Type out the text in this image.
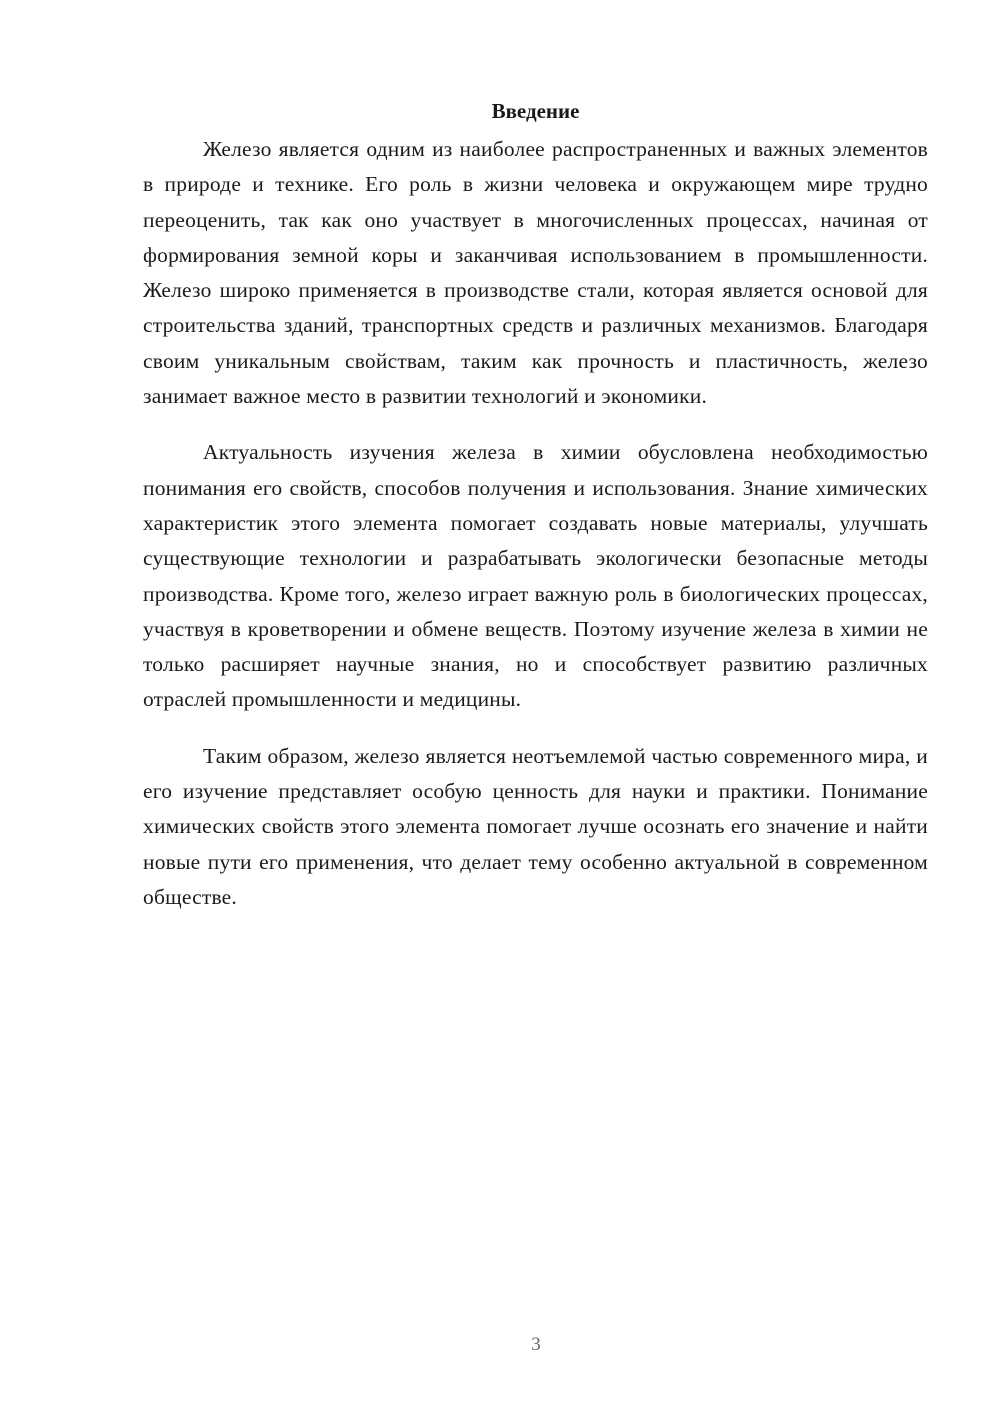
Введение

Железо является одним из наиболее распространенных и важных элементов в природе и технике. Его роль в жизни человека и окружающем мире трудно переоценить, так как оно участвует в многочисленных процессах, начиная от формирования земной коры и заканчивая использованием в промышленности. Железо широко применяется в производстве стали, которая является основой для строительства зданий, транспортных средств и различных механизмов. Благодаря своим уникальным свойствам, таким как прочность и пластичность, железо занимает важное место в развитии технологий и экономики.

Актуальность изучения железа в химии обусловлена необходимостью понимания его свойств, способов получения и использования. Знание химических характеристик этого элемента помогает создавать новые материалы, улучшать существующие технологии и разрабатывать экологически безопасные методы производства. Кроме того, железо играет важную роль в биологических процессах, участвуя в кроветворении и обмене веществ. Поэтому изучение железа в химии не только расширяет научные знания, но и способствует развитию различных отраслей промышленности и медицины.

Таким образом, железо является неотъемлемой частью современного мира, и его изучение представляет особую ценность для науки и практики. Понимание химических свойств этого элемента помогает лучше осознать его значение и найти новые пути его применения, что делает тему особенно актуальной в современном обществе.

3
